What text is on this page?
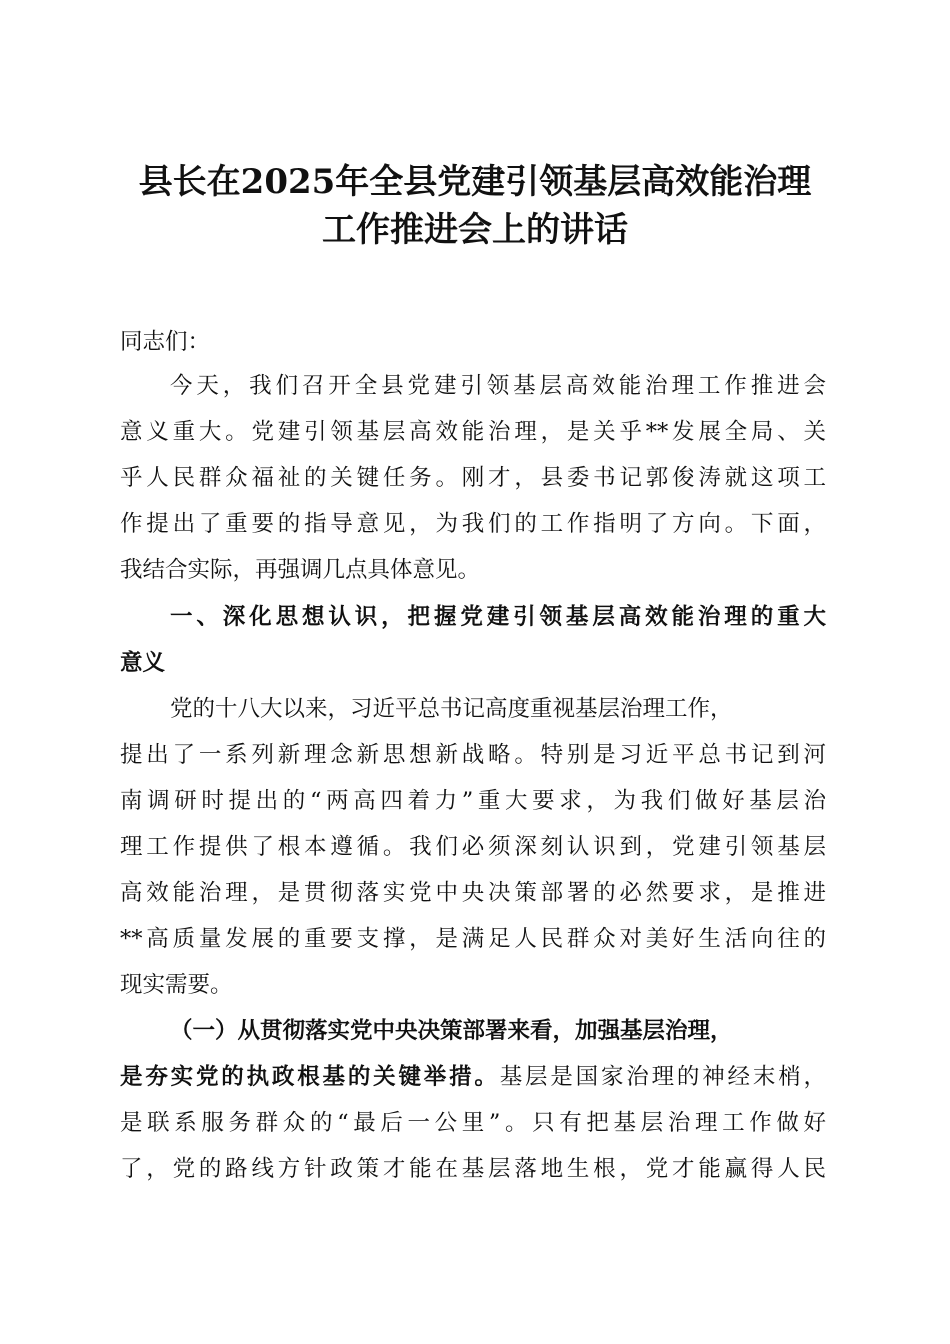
县长在2025年全县党建引领基层高效能治理
工作推进会上的讲话
同志们：
今天，我们召开全县党建引领基层高效能治理工作推进会
意义重大。党建引领基层高效能治理，是关乎**发展全局、关
乎人民群众福祉的关键任务。刚才，县委书记郭俊涛就这项工
作提出了重要的指导意见，为我们的工作指明了方向。下面，
我结合实际，再强调几点具体意见。
一、深化思想认识，把握党建引领基层高效能治理的重大
意义
党的十八大以来，习近平总书记高度重视基层治理工作，
提出了一系列新理念新思想新战略。特别是习近平总书记到河
南调研时提出的“两高四着力”重大要求，为我们做好基层治
理工作提供了根本遵循。我们必须深刻认识到，党建引领基层
高效能治理，是贯彻落实党中央决策部署的必然要求，是推进
**高质量发展的重要支撑，是满足人民群众对美好生活向往的
现实需要。
（一）从贯彻落实党中央决策部署来看，加强基层治理，
是夯实党的执政根基的关键举措。基层是国家治理的神经末梢，
是联系服务群众的“最后一公里”。只有把基层治理工作做好
了，党的路线方针政策才能在基层落地生根，党才能赢得人民
